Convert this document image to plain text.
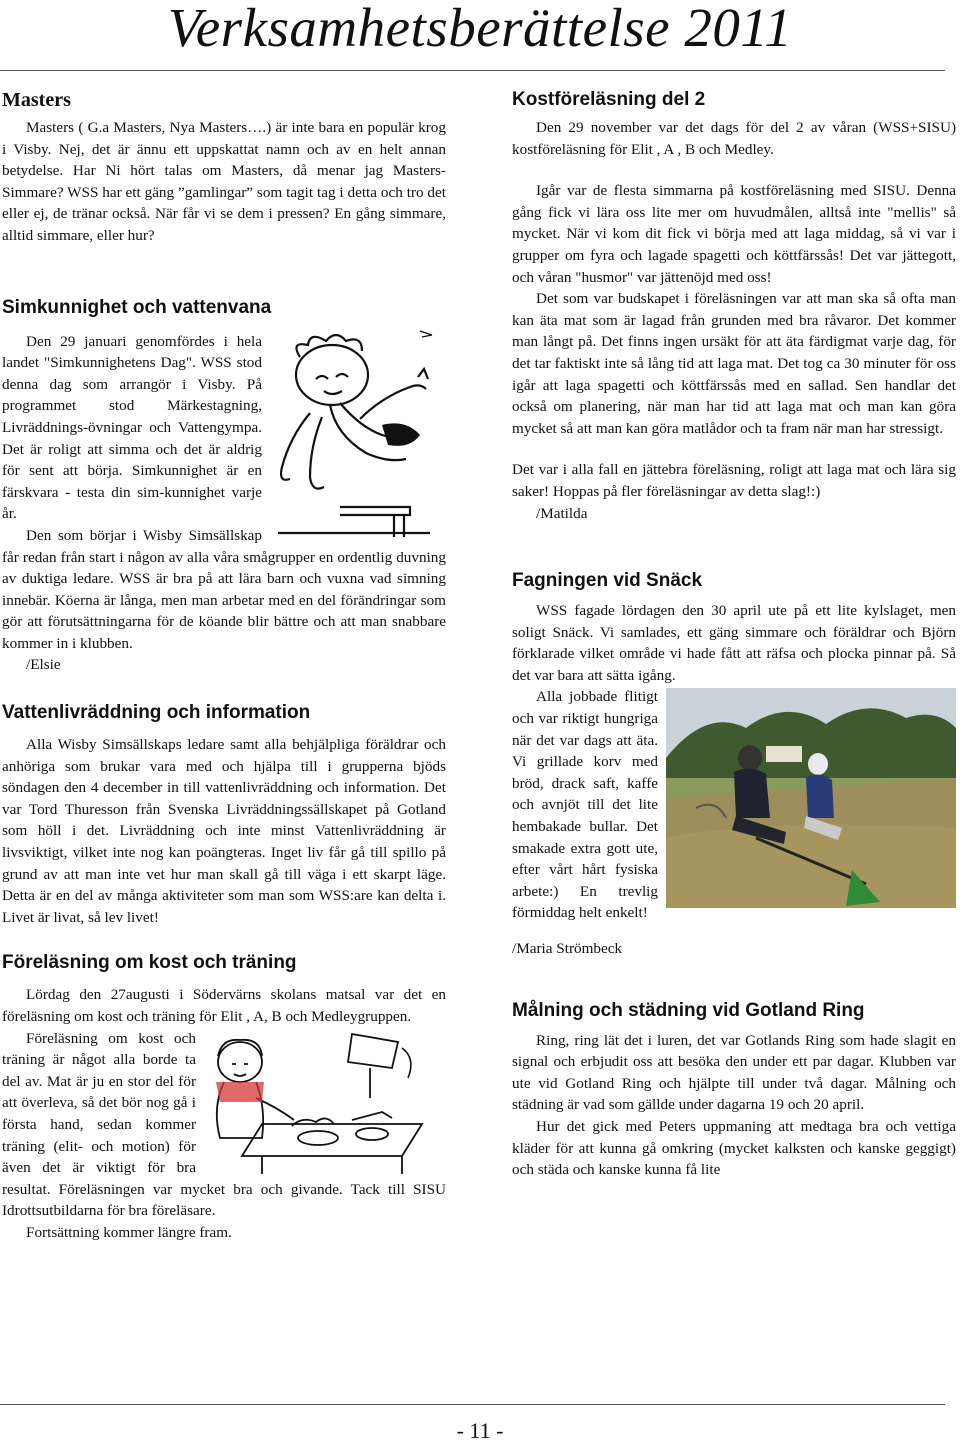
Verksamhetsberättelse 2011
Masters

Masters ( G.a Masters, Nya Masters….) är inte bara en populär krog i Visby. Nej, det är ännu ett uppskattat namn och av en helt annan betydelse. Har Ni hört talas om Masters, då menar jag Masters-Simmare? WSS har ett gäng ”gamlingar” som tagit tag i detta och tro det eller ej, de tränar också. När får vi se dem i pressen? En gång simmare, alltid simmare, eller hur?

Simkunnighet och vattenvana

Den 29 januari genomfördes i hela landet "Simkunnighetens Dag". WSS stod denna dag som arrangör i Visby. På programmet stod Märkestagning, Livräddnings-övningar och Vattengympa. Det är roligt att simma och det är aldrig för sent att börja. Simkunnighet är en färskvara - testa din sim-kunnighet varje år.

Den som börjar i Wisby Simsällskap får redan från start i någon av alla våra smågrupper en ordentlig duvning av duktiga ledare. WSS är bra på att lära barn och vuxna vad simning innebär. Köerna är långa, men man arbetar med en del förändringar som gör att förutsättningarna för de köande blir bättre och att man snabbare kommer in i klubben.

/Elsie

Vattenlivräddning och information

Alla Wisby Simsällskaps ledare samt alla behjälpliga föräldrar och anhöriga som brukar vara med och hjälpa till i grupperna bjöds söndagen den 4 december in till vattenlivräddning och information. Det var Tord Thuresson från Svenska Livräddningssällskapet på Gotland som höll i det. Livräddning och inte minst Vattenlivräddning är livsviktigt, vilket inte nog kan poängteras. Inget liv får gå till spillo på grund av att man inte vet hur man skall gå till väga i ett skarpt läge. Detta är en del av många aktiviteter som man som WSS:are kan delta i. Livet är livat, så lev livet!

Föreläsning om kost och träning

Lördag den 27augusti i Södervärns skolans matsal var det en föreläsning om kost och träning för Elit , A, B och Medleygruppen.

Föreläsning om kost och träning är något alla borde ta del av. Mat är ju en stor del för att överleva, så det bör nog gå i första hand, sedan kommer träning (elit- och motion) för även det är viktigt för bra resultat. Föreläsningen var mycket bra och givande. Tack till SISU Idrottsutbildarna för bra föreläsare.

Fortsättning kommer längre fram.

Kostföreläsning del 2

Den 29 november var det dags för del 2 av våran (WSS+SISU) kostföreläsning för Elit , A , B och Medley.

Igår var de flesta simmarna på kostföreläsning med SISU. Denna gång fick vi lära oss lite mer om huvudmålen, alltså inte "mellis" så mycket. När vi kom dit fick vi börja med att laga middag, så vi var i grupper om fyra och lagade spagetti och köttfärssås! Det var jättegott, och våran "husmor" var jättenöjd med oss!

Det som var budskapet i föreläsningen var att man ska så ofta man kan äta mat som är lagad från grunden med bra råvaror. Det kommer man långt på. Det finns ingen ursäkt för att äta färdigmat varje dag, för det tar faktiskt inte så lång tid att laga mat. Det tog ca 30 minuter för oss igår att laga spagetti och köttfärssås med en sallad. Sen handlar det också om planering, när man har tid att laga mat och man kan göra mycket så att man kan göra matlådor och ta fram när man har stressigt.

Det var i alla fall en jättebra föreläsning, roligt att laga mat och lära sig saker! Hoppas på fler föreläsningar av detta slag!:)

/Matilda

Fagningen vid Snäck

WSS fagade lördagen den 30 april ute på ett lite kylslaget, men soligt Snäck. Vi samlades, ett gäng simmare och föräldrar och Björn förklarade vilket område vi hade fått att räfsa och plocka pinnar på. Så det var bara att sätta igång.

Alla jobbade flitigt och var riktigt hungriga när det var dags att äta. Vi grillade korv med bröd, drack saft, kaffe och avnjöt till det lite hembakade bullar. Det smakade extra gott ute, efter vårt hårt fysiska arbete:) En trevlig förmiddag helt enkelt!

/Maria Strömbeck

Målning och städning vid Gotland Ring

Ring, ring lät det i luren, det var Gotlands Ring som hade slagit en signal och erbjudit oss att besöka den under ett par dagar. Klubben var ute vid Gotland Ring och hjälpte till under två dagar. Målning och städning är vad som gällde under dagarna 19 och 20 april.

Hur det gick med Peters uppmaning att medtaga bra och vettiga kläder för att kunna gå omkring (mycket kalksten och kanske geggigt) och städa och kanske kunna få lite

- 11 -
